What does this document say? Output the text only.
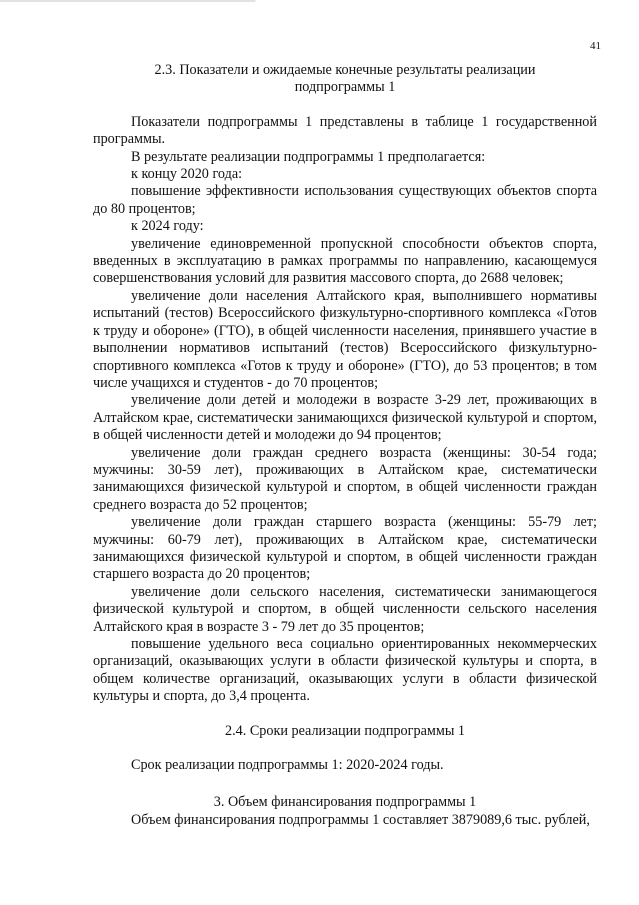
41

2.3. Показатели и ожидаемые конечные результаты реализации

подпрограммы 1

Показатели подпрограммы 1 представлены в таблице 1 государственной программы.

В результате реализации подпрограммы 1 предполагается:

к концу 2020 года:

повышение эффективности использования существующих объектов спорта до 80 процентов;

к 2024 году:

увеличение единовременной пропускной способности объектов спорта, введенных в эксплуатацию в рамках программы по направлению, касающемуся совершенствования условий для развития массового спорта, до 2688 человек;

увеличение доли населения Алтайского края, выполнившего нормативы испытаний (тестов) Всероссийского физкультурно-спортивного комплекса «Готов к труду и обороне» (ГТО), в общей численности населения, принявшего участие в выполнении нормативов испытаний (тестов) Всероссийского физкультурно-спортивного комплекса «Готов к труду и обороне» (ГТО), до 53 процентов; в том числе учащихся и студентов - до 70 процентов;

увеличение доли детей и молодежи в возрасте 3-29 лет, проживающих в Алтайском крае, систематически занимающихся физической культурой и спортом, в общей численности детей и молодежи до 94 процентов;

увеличение доли граждан среднего возраста (женщины: 30-54 года; мужчины: 30-59 лет), проживающих в Алтайском крае, систематически занимающихся физической культурой и спортом, в общей численности граждан среднего возраста до 52 процентов;

увеличение доли граждан старшего возраста (женщины: 55-79 лет; мужчины: 60-79 лет), проживающих в Алтайском крае, систематически занимающихся физической культурой и спортом, в общей численности граждан старшего возраста до 20 процентов;

увеличение доли сельского населения, систематически занимающегося физической культурой и спортом, в общей численности сельского населения Алтайского края в возрасте 3 - 79 лет до 35 процентов;

повышение удельного веса социально ориентированных некоммерческих организаций, оказывающих услуги в области физической культуры и спорта, в общем количестве организаций, оказывающих услуги в области физической культуры и спорта, до 3,4 процента.

2.4. Сроки реализации подпрограммы 1

Срок реализации подпрограммы 1: 2020-2024 годы.

3. Объем финансирования подпрограммы 1

Объем финансирования подпрограммы 1 составляет 3879089,6 тыс. рублей,
